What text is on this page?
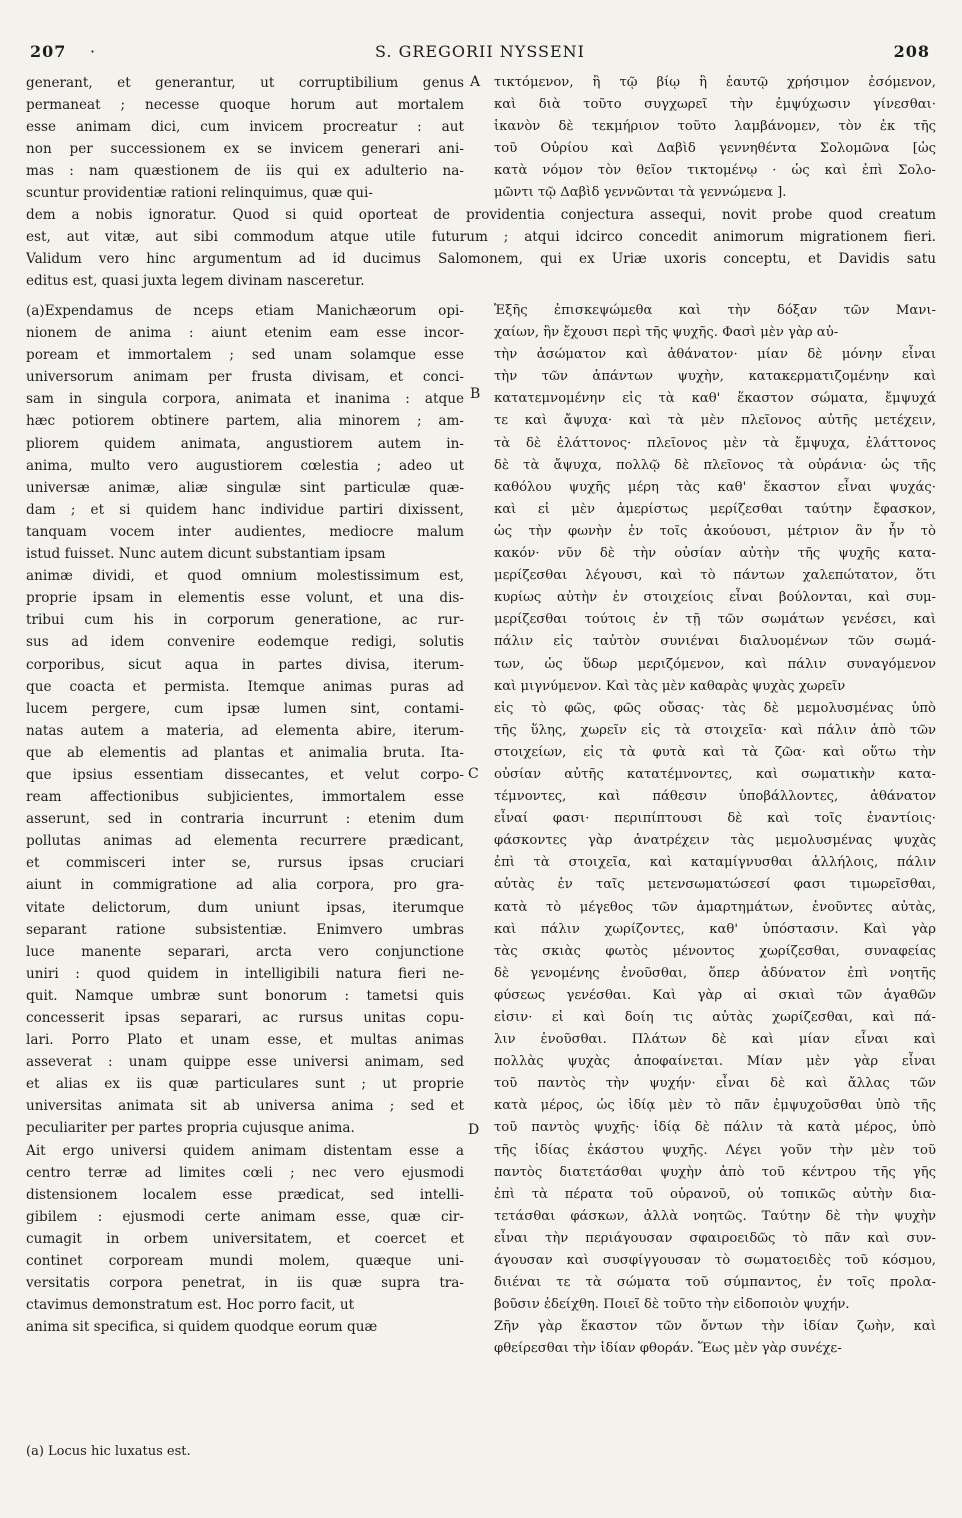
207 ·	S. GREGORII NYSSENI	208
generant, et generantur, ut corruptibilium genus
permaneat ; necesse quoque horum aut mortalem
esse animam dici, cum invicem procreatur : aut
non per successionem ex se invicem generari ani-
mas : nam quæstionem de iis qui ex adulterio na-
scuntur providentiæ rationi relinquimus, quæ qui-
τικτόμενον, ἢ τῷ βίῳ ἢ ἑαυτῷ χρήσιμον ἐσόμενον,
καὶ διὰ τοῦτο συγχωρεῖ τὴν ἐμψύχωσιν γίνεσθαι·
ἱκανὸν δὲ τεκμήριον τοῦτο λαμβάνομεν, τὸν ἐκ τῆς
τοῦ Οὐρίου καὶ Δαβὶδ γεννηθέντα Σολομῶνα [ὡς
κατὰ νόμον τὸν θεῖον τικτομένῳ · ὡς καὶ ἐπὶ Σολο-
μῶντι τῷ Δαβὶδ γεννῶνται τὰ γεννώμενα ].
dem a nobis ignoratur. Quod si quid oporteat de providentia conjectura assequi, novit probe quod creatum
est, aut vitæ, aut sibi commodum atque utile futurum ; atqui idcirco concedit animorum migrationem fieri.
Validum vero hinc argumentum ad id ducimus Salomonem, qui ex Uriæ uxoris conceptu, et Davidis satu
editus est, quasi juxta legem divinam nasceretur.
(a)Expendamus de nceps etiam Manichæorum opi-
nionem de anima : aiunt etenim eam esse incor-
poream et immortalem ; sed unam solamque esse
universorum animam per frusta divisam, et conci-
sam in singula corpora, animata et inanima : atque
hæc potiorem obtinere partem, alia minorem ; am-
pliorem quidem animata, angustiorem autem in-
anima, multo vero augustiorem cœlestia ; adeo ut
universæ animæ, aliæ singulæ sint particulæ quæ-
dam ; et si quidem hanc individue partiri dixissent,
tanquam vocem inter audientes, mediocre malum
istud fuisset. Nunc autem dicunt substantiam ipsam
animæ dividi, et quod omnium molestissimum est,
proprie ipsam in elementis esse volunt, et una dis-
tribui cum his in corporum generatione, ac rur-
sus ad idem convenire eodemque redigi, solutis
corporibus, sicut aqua in partes divisa, iterum-
que coacta et permista. Itemque animas puras ad
lucem pergere, cum ipsæ lumen sint, contami-
natas autem a materia, ad elementa abire, iterum-
que ab elementis ad plantas et animalia bruta. Ita-
que ipsius essentiam dissecantes, et velut corpo-
ream affectionibus subjicientes, immortalem esse
asserunt, sed in contraria incurrunt : etenim dum
pollutas animas ad elementa recurrere prædicant,
et commisceri inter se, rursus ipsas cruciari
aiunt in commigratione ad alia corpora, pro gra-
vitate delictorum, dum uniunt ipsas, iterumque
separant ratione subsistentiæ. Enimvero umbras
luce manente separari, arcta vero conjunctione
uniri : quod quidem in intelligibili natura fieri ne-
quit. Namque umbræ sunt bonorum : tametsi quis
concesserit ipsas separari, ac rursus unitas copu-
lari. Porro Plato et unam esse, et multas animas
asseverat : unam quippe esse universi animam, sed
et alias ex iis quæ particulares sunt ; ut proprie
universitas animata sit ab universa anima ; sed et
peculiariter per partes propria cujusque anima.
Ait ergo universi quidem animam distentam esse a
centro terræ ad limites cœli ; nec vero ejusmodi
distensionem localem esse prædicat, sed intelli-
gibilem : ejusmodi certe animam esse, quæ cir-
cumagit in orbem universitatem, et coercet et
continet corpoream mundi molem, quæque uni-
versitatis corpora penetrat, in iis quæ supra tra-
ctavimus demonstratum est. Hoc porro facit, ut
anima sit specifica, si quidem quodque eorum quæ
Ἑξῆς ἐπισκεψώμεθα καὶ τὴν δόξαν τῶν Μανι-
χαίων, ἣν ἔχουσι περὶ τῆς ψυχῆς. Φασὶ μὲν γὰρ αὐ-
τὴν ἀσώματον καὶ ἀθάνατον· μίαν δὲ μόνην εἶναι
τὴν τῶν ἁπάντων ψυχὴν, κατακερματιζομένην καὶ
κατατεμνομένην εἰς τὰ καθ' ἕκαστον σώματα, ἔμψυχά
τε καὶ ἄψυχα· καὶ τὰ μὲν πλεῖονος αὐτῆς μετέχειν,
τὰ δὲ ἐλάττονος· πλεῖονος μὲν τὰ ἔμψυχα, ἐλάττονος
δὲ τὰ ἄψυχα, πολλῷ δὲ πλεῖονος τὰ οὐράνια· ὡς τῆς
καθόλου ψυχῆς μέρη τὰς καθ' ἕκαστον εἶναι ψυχάς·
καὶ εἰ μὲν ἀμερίστως μερίζεσθαι ταύτην ἔφασκον,
ὡς τὴν φωνὴν ἐν τοῖς ἀκούουσι, μέτριον ἂν ἦν τὸ
κακόν· νῦν δὲ τὴν οὐσίαν αὐτὴν τῆς ψυχῆς κατα-
μερίζεσθαι λέγουσι, καὶ τὸ πάντων χαλεπώτατον, ὅτι
κυρίως αὐτὴν ἐν στοιχείοις εἶναι βούλονται, καὶ συμ-
μερίζεσθαι τούτοις ἐν τῇ τῶν σωμάτων γενέσει, καὶ
πάλιν εἰς ταὐτὸν συνιέναι διαλυομένων τῶν σωμά-
των, ὡς ὕδωρ μεριζόμενον, καὶ πάλιν συναγόμενον
καὶ μιγνύμενον. Καὶ τὰς μὲν καθαρὰς ψυχὰς χωρεῖν
εἰς τὸ φῶς, φῶς οὔσας· τὰς δὲ μεμολυσμένας ὑπὸ
τῆς ὕλης, χωρεῖν εἰς τὰ στοιχεῖα· καὶ πάλιν ἀπὸ τῶν
στοιχείων, εἰς τὰ φυτὰ καὶ τὰ ζῶα· καὶ οὕτω τὴν
οὐσίαν αὐτῆς κατατέμνοντες, καὶ σωματικὴν κατα-
τέμνοντες, καὶ πάθεσιν ὑποβάλλοντες, ἀθάνατον
εἶναί φασι· περιπίπτουσι δὲ καὶ τοῖς ἐναντίοις·
φάσκοντες γὰρ ἀνατρέχειν τὰς μεμολυσμένας ψυχὰς
ἐπὶ τὰ στοιχεῖα, καὶ καταμίγνυσθαι ἀλλήλοις, πάλιν
αὐτὰς ἐν ταῖς μετενσωματώσεσί φασι τιμωρεῖσθαι,
κατὰ τὸ μέγεθος τῶν ἁμαρτημάτων, ἑνοῦντες αὐτὰς,
καὶ πάλιν χωρίζοντες, καθ' ὑπόστασιν. Καὶ γὰρ
τὰς σκιὰς φωτὸς μένοντος χωρίζεσθαι, συναφείας
δὲ γενομένης ἑνοῦσθαι, ὅπερ ἀδύνατον ἐπὶ νοητῆς
φύσεως γενέσθαι. Καὶ γὰρ αἱ σκιαὶ τῶν ἀγαθῶν
εἰσιν· εἰ καὶ δοίη τις αὐτὰς χωρίζεσθαι, καὶ πά-
λιν ἑνοῦσθαι. Πλάτων δὲ καὶ μίαν εἶναι καὶ
πολλὰς ψυχὰς ἀποφαίνεται. Μίαν μὲν γὰρ εἶναι
τοῦ παντὸς τὴν ψυχήν· εἶναι δὲ καὶ ἄλλας τῶν
κατὰ μέρος, ὡς ἰδίᾳ μὲν τὸ πᾶν ἐμψυχοῦσθαι ὑπὸ τῆς
τοῦ παντὸς ψυχῆς· ἰδίᾳ δὲ πάλιν τὰ κατὰ μέρος, ὑπὸ
τῆς ἰδίας ἑκάστου ψυχῆς. Λέγει γοῦν τὴν μὲν τοῦ
παντὸς διατετάσθαι ψυχὴν ἀπὸ τοῦ κέντρου τῆς γῆς
ἐπὶ τὰ πέρατα τοῦ οὐρανοῦ, οὐ τοπικῶς αὐτὴν δια-
τετάσθαι φάσκων, ἀλλὰ νοητῶς. Ταύτην δὲ τὴν ψυχὴν
εἶναι τὴν περιάγουσαν σφαιροειδῶς τὸ πᾶν καὶ συν-
άγουσαν καὶ συσφίγγουσαν τὸ σωματοειδὲς τοῦ κόσμου,
διιέναι τε τὰ σώματα τοῦ σύμπαντος, ἐν τοῖς προλα-
βοῦσιν ἐδείχθη. Ποιεῖ δὲ τοῦτο τὴν εἰδοποιὸν ψυχήν.
Ζῆν γὰρ ἕκαστον τῶν ὄντων τὴν ἰδίαν ζωὴν, καὶ
φθείρεσθαι τὴν ἰδίαν φθοράν. Ἕως μὲν γὰρ συνέχε-
A
B
C
D
(a) Locus hic luxatus est.
